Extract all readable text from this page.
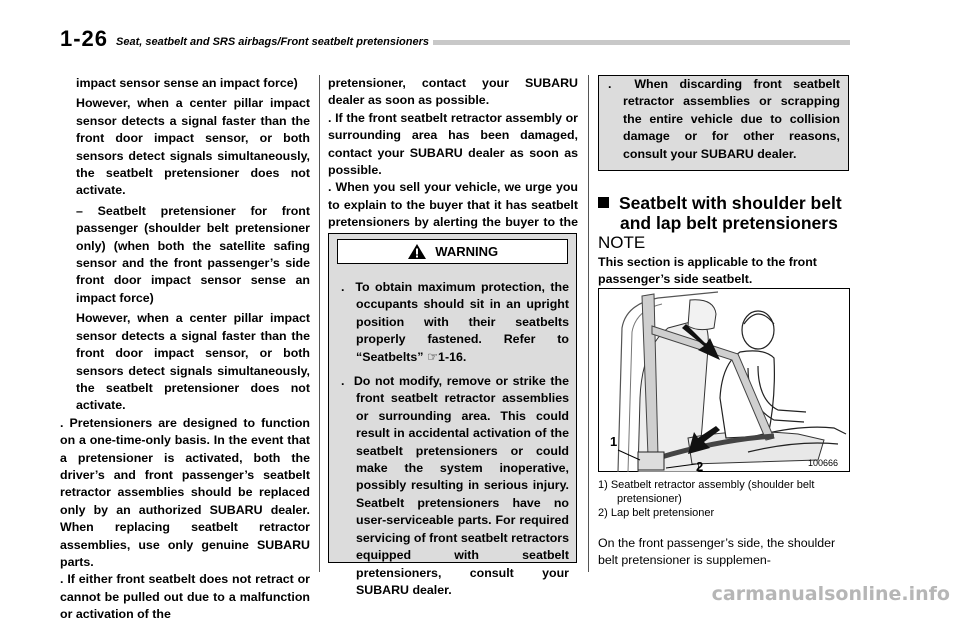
1-26 Seat, seatbelt and SRS airbags/Front seatbelt pretensioners

impact sensor sense an impact force)

However, when a center pillar impact sensor detects a signal faster than the front door impact sensor, or both sensors detect signals simultaneously, the seatbelt pretensioner does not activate.

– Seatbelt pretensioner for front passenger (shoulder belt pretensioner only) (when both the satellite safing sensor and the front passenger’s side front door impact sensor sense an impact force)

However, when a center pillar impact sensor detects a signal faster than the front door impact sensor, or both sensors detect signals simultaneously, the seatbelt pretensioner does not activate.

. Pretensioners are designed to function on a one-time-only basis. In the event that a pretensioner is activated, both the driver’s and front passenger’s seatbelt retractor assemblies should be replaced only by an authorized SUBARU dealer. When replacing seatbelt retractor assemblies, use only genuine SUBARU parts.

. If either front seatbelt does not retract or cannot be pulled out due to a malfunction or activation of the

pretensioner, contact your SUBARU dealer as soon as possible.

. If the front seatbelt retractor assembly or surrounding area has been damaged, contact your SUBARU dealer as soon as possible.

. When you sell your vehicle, we urge you to explain to the buyer that it has seatbelt pretensioners by alerting the buyer to the

WARNING

. To obtain maximum protection, the occupants should sit in an upright position with their seatbelts properly fastened. Refer to “Seatbelts” ☞1-16.

. Do not modify, remove or strike the front seatbelt retractor assemblies or surrounding area. This could result in accidental activation of the seatbelt pretensioners or could make the system inoperative, possibly resulting in serious injury. Seatbelt pretensioners have no user-serviceable parts. For required servicing of front seatbelt retractors equipped with seatbelt pretensioners, consult your SUBARU dealer.

. When discarding front seatbelt retractor assemblies or scrapping the entire vehicle due to collision damage or for other reasons, consult your SUBARU dealer.

Seatbelt with shoulder belt
and lap belt pretensioners
NOTE
This section is applicable to the front passenger’s side seatbelt.
1
2	100666

1) Seatbelt retractor assembly (shoulder belt pretensioner)

2) Lap belt pretensioner

On the front passenger’s side, the shoulder belt pretensioner is supplemen-
carmanualsonline.info
